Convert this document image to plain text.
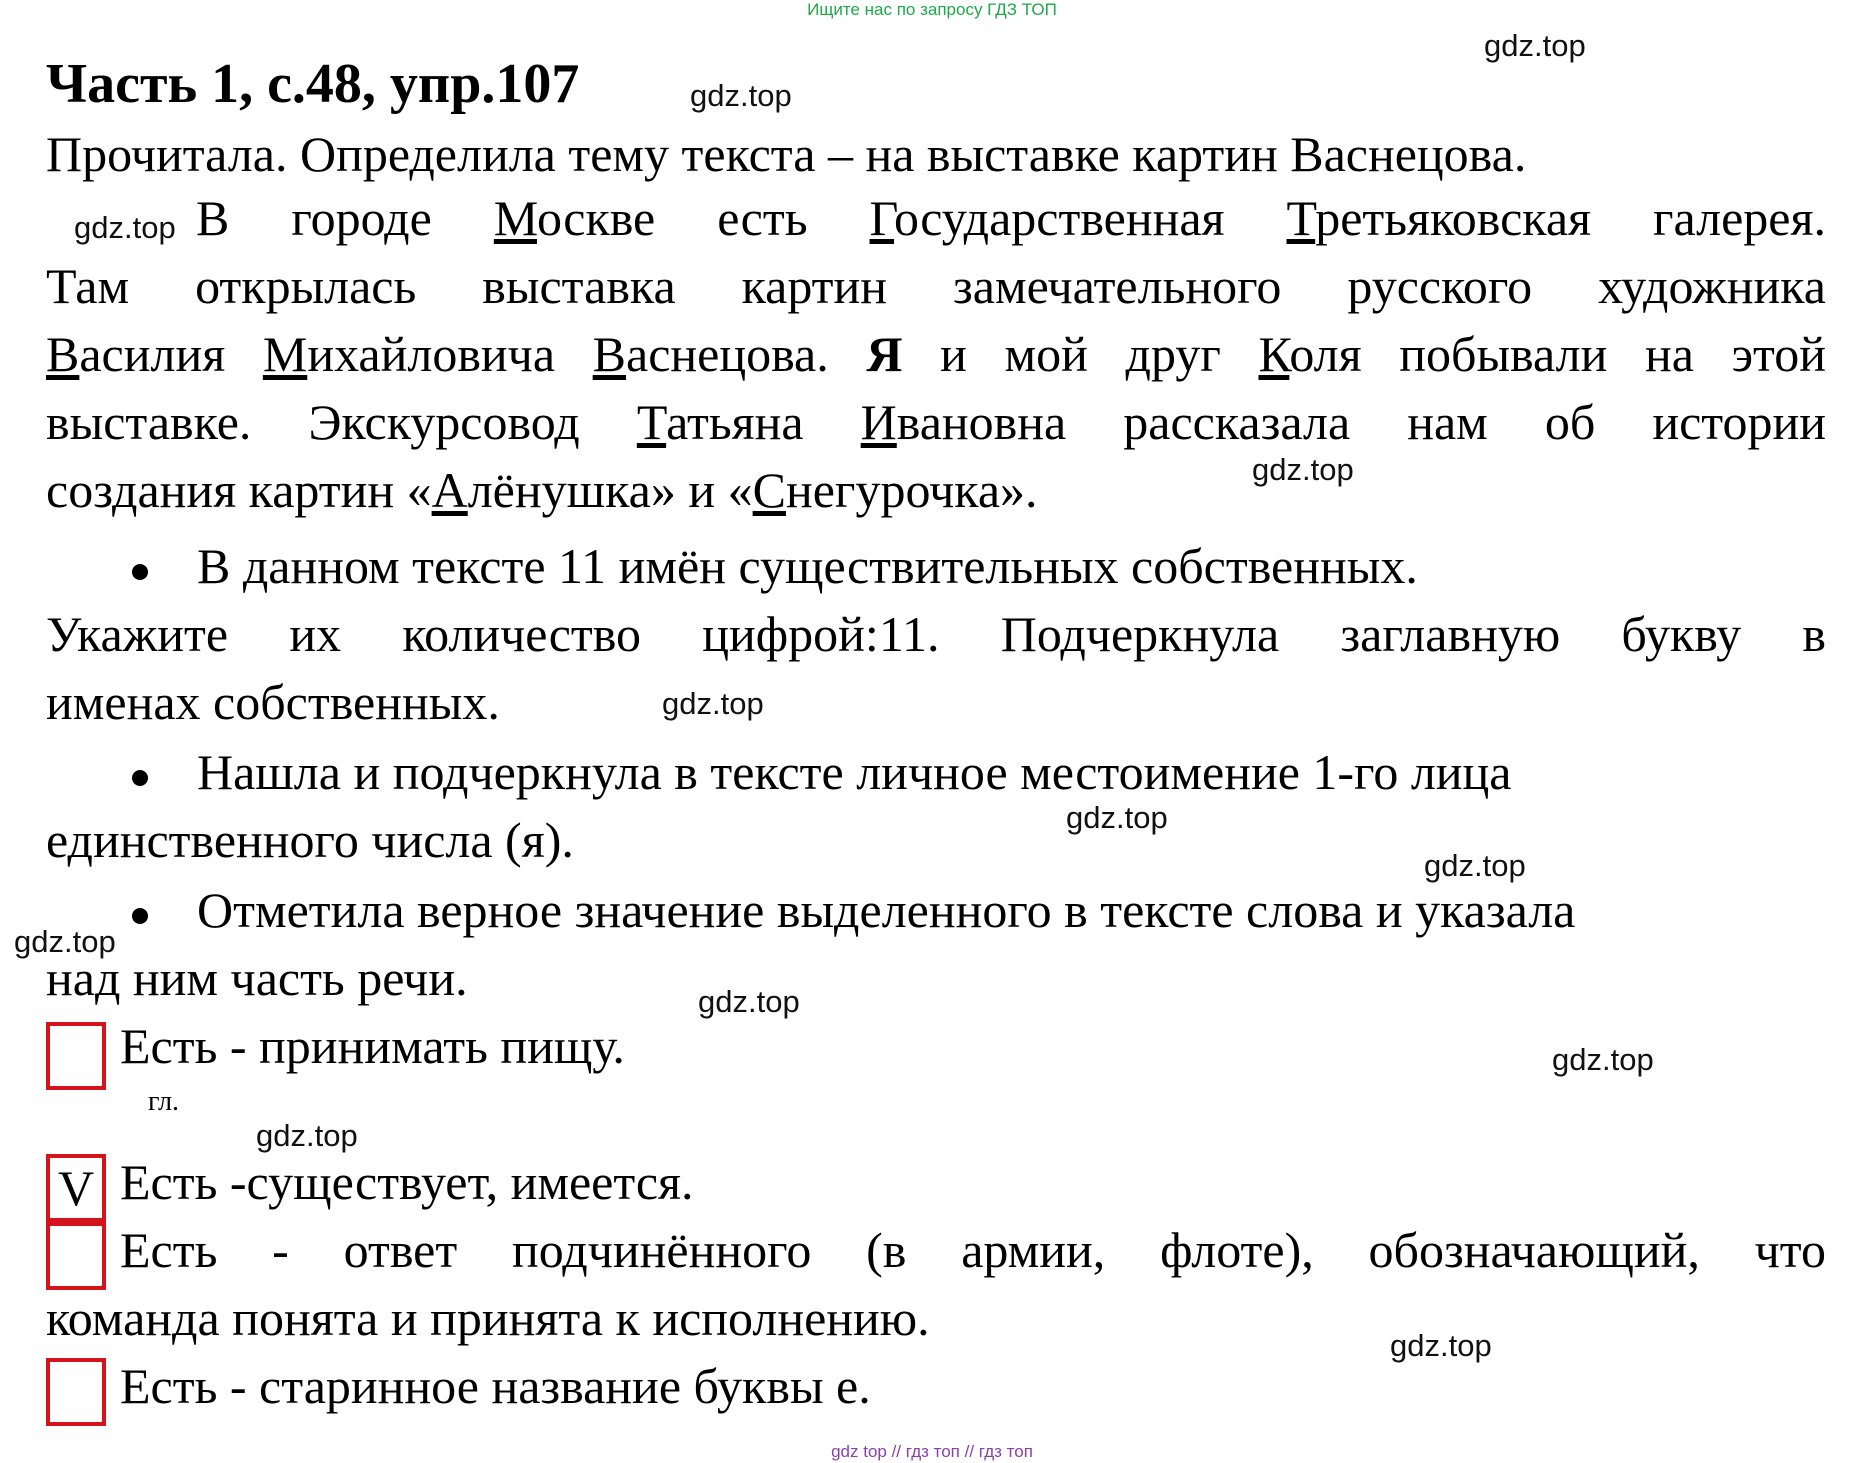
Ищите нас по запросу ГДЗ ТОП
Часть 1, с.48, упр.107
Прочитала. Определила тему текста – на выставке картин Васнецова.
В городе Москве есть Государственная Третьяковская галерея.
Там открылась выставка картин замечательного русского художника
Василия Михайловича Васнецова. Я и мой друг Коля побывали на этой
выставке. Экскурсовод Татьяна Ивановна рассказала нам об истории
создания картин «Алёнушка» и «Снегурочка».
В данном тексте 11 имён существительных собственных.
Укажите их количество цифрой:11. Подчеркнула заглавную букву в
именах собственных.
Нашла и подчеркнула в тексте личное местоимение 1-го лица
единственного числа (я).
Отметила верное значение выделенного в тексте слова и указала
над ним часть речи.
Есть - принимать пищу.
гл.
V Есть -существует, имеется.
Есть - ответ подчинённого (в армии, флоте), обозначающий, что
команда понята и принята к исполнению.
Есть - старинное название буквы е.
gdz.top
gdz.top
gdz.top
gdz.top
gdz.top
gdz.top
gdz.top
gdz.top
gdz.top
gdz.top
gdz.top
gdz.top
gdz top // гдз топ // гдз топ
